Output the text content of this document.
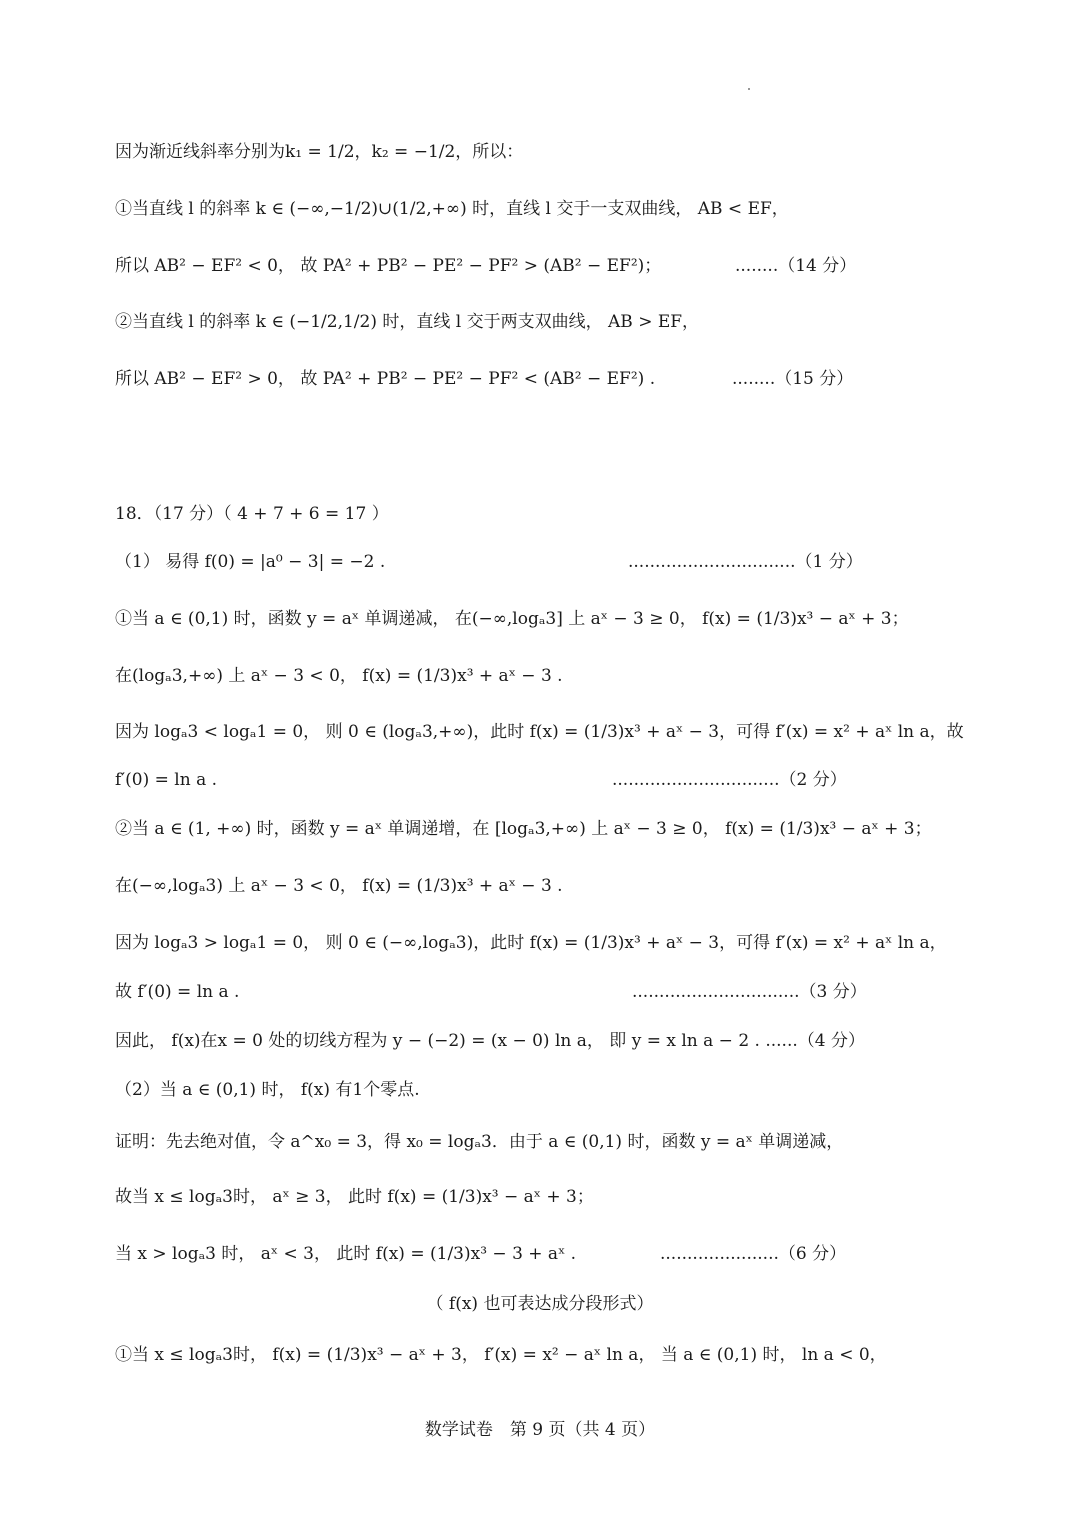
因为渐近线斜率分别为k₁ = 1/2，k₂ = −1/2，所以：
①当直线 l 的斜率 k ∈ (−∞,−1/2)∪(1/2,+∞) 时，直线 l 交于一支双曲线， AB < EF，
所以 AB² − EF² < 0， 故 PA² + PB² − PE² − PF² > (AB² − EF²)；	........（14 分）
②当直线 l 的斜率 k ∈ (−1/2,1/2) 时，直线 l 交于两支双曲线， AB > EF，
所以 AB² − EF² > 0， 故 PA² + PB² − PE² − PF² < (AB² − EF²) .	........（15 分）
18．（17 分）（ 4 + 7 + 6 = 17 ）
（1） 易得 f(0) = |a⁰ − 3| = −2 .	...............................（1 分）
①当 a ∈ (0,1) 时，函数 y = aˣ 单调递减， 在(−∞,logₐ3] 上 aˣ − 3 ≥ 0， f(x) = (1/3)x³ − aˣ + 3；
在(logₐ3,+∞) 上 aˣ − 3 < 0， f(x) = (1/3)x³ + aˣ − 3 .
因为 logₐ3 < logₐ1 = 0， 则 0 ∈ (logₐ3,+∞)，此时 f(x) = (1/3)x³ + aˣ − 3，可得 f′(x) = x² + aˣ ln a，故
f′(0) = ln a .	...............................（2 分）
②当 a ∈ (1, +∞) 时，函数 y = aˣ 单调递增，在 [logₐ3,+∞) 上 aˣ − 3 ≥ 0， f(x) = (1/3)x³ − aˣ + 3；
在(−∞,logₐ3) 上 aˣ − 3 < 0， f(x) = (1/3)x³ + aˣ − 3 .
因为 logₐ3 > logₐ1 = 0， 则 0 ∈ (−∞,logₐ3)，此时 f(x) = (1/3)x³ + aˣ − 3，可得 f′(x) = x² + aˣ ln a，
故 f′(0) = ln a .	...............................（3 分）
因此， f(x)在x = 0 处的切线方程为 y − (−2) = (x − 0) ln a， 即 y = x ln a − 2 . ......（4 分）
（2）当 a ∈ (0,1) 时， f(x) 有1个零点.
证明：先去绝对值，令 a^x₀ = 3，得 x₀ = logₐ3．由于 a ∈ (0,1) 时，函数 y = aˣ 单调递减，
故当 x ≤ logₐ3时， aˣ ≥ 3， 此时 f(x) = (1/3)x³ − aˣ + 3；
当 x > logₐ3 时， aˣ < 3， 此时 f(x) = (1/3)x³ − 3 + aˣ .	......................（6 分）
（ f(x) 也可表达成分段形式）
①当 x ≤ logₐ3时， f(x) = (1/3)x³ − aˣ + 3， f′(x) = x² − aˣ ln a， 当 a ∈ (0,1) 时， ln a < 0，
数学试卷　第 9 页（共 4 页）
